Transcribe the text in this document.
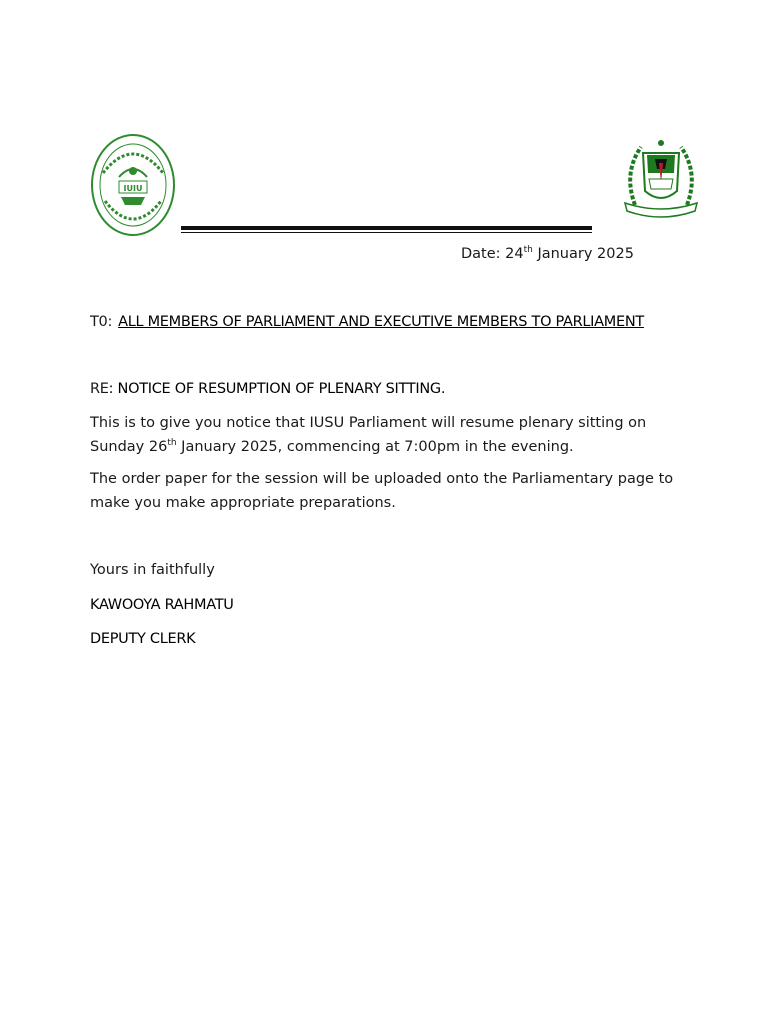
IUIU
Date: 24th January 2025
T0: ALL MEMBERS OF PARLIAMENT AND EXECUTIVE MEMBERS TO PARLIAMENT
RE: NOTICE OF RESUMPTION OF PLENARY SITTING.
This is to give you notice that IUSU Parliament will resume plenary sitting on Sunday 26th January 2025, commencing at 7:00pm in the evening.
The order paper for the session will be uploaded onto the Parliamentary page to make you make appropriate preparations.
Yours in faithfully
KAWOOYA RAHMATU
DEPUTY CLERK
